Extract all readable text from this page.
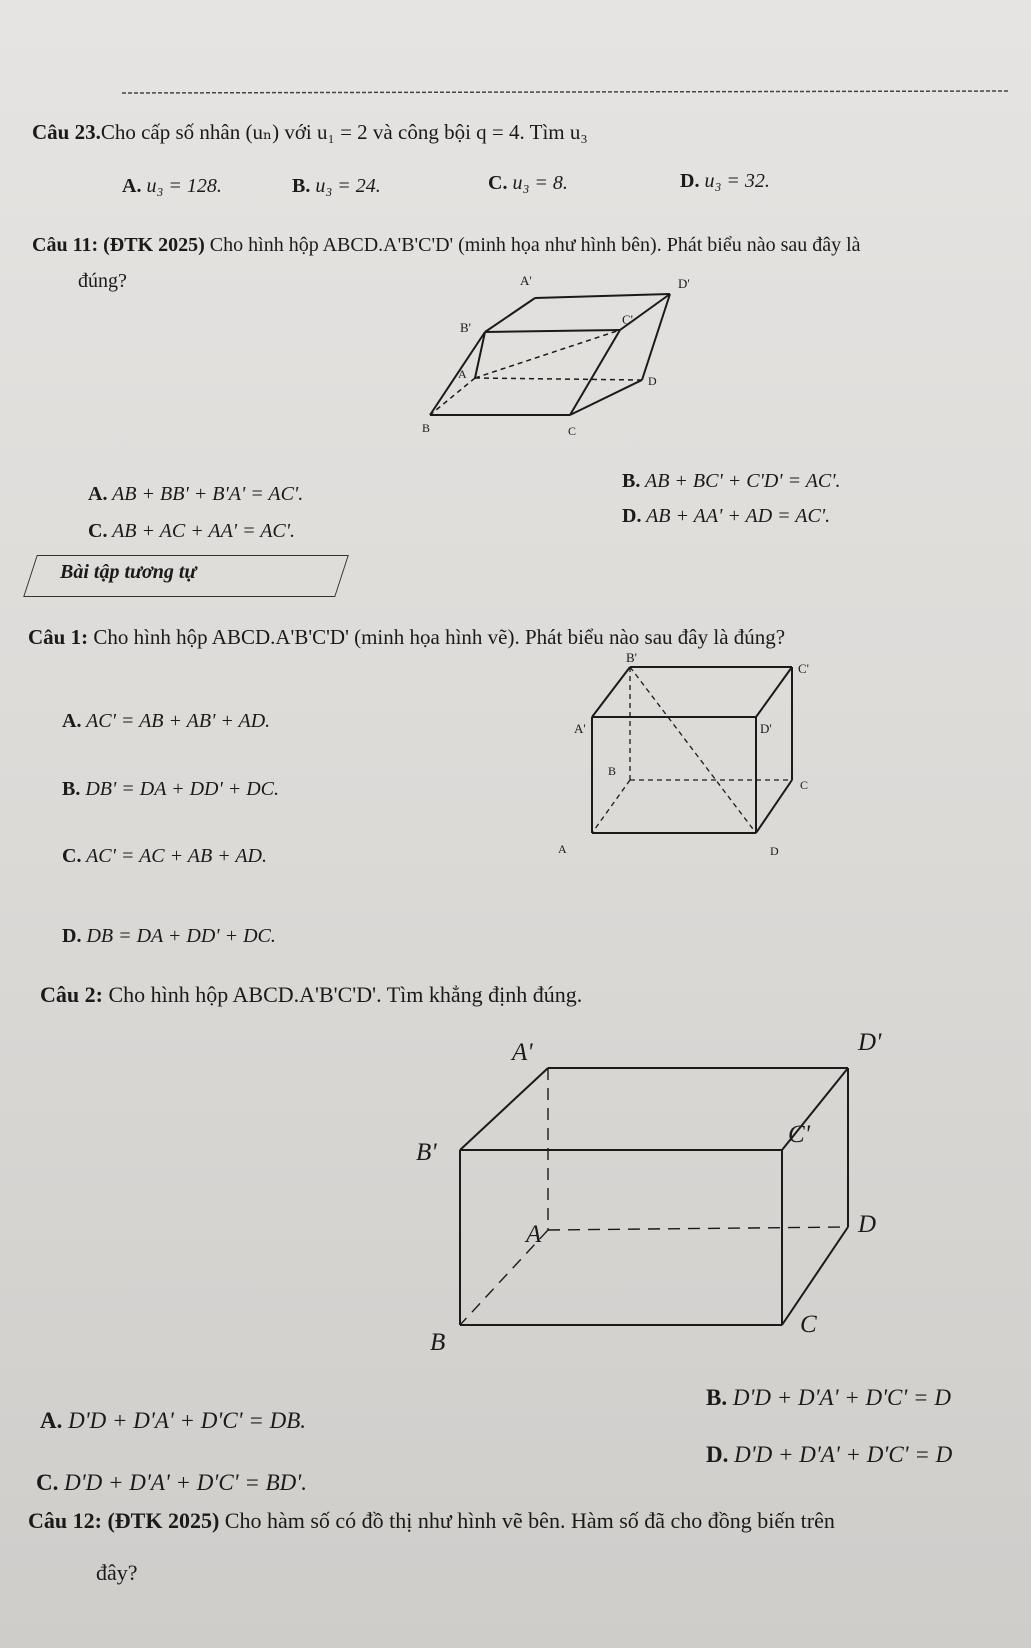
Câu 23.Cho cấp số nhân (uₙ) với u₁ = 2 và công bội q = 4. Tìm u₃
A. u₃ = 128.	B. u₃ = 24.	C. u₃ = 8.	D. u₃ = 32.
Câu 11: (ĐTK 2025) Cho hình hộp ABCD.A'B'C'D' (minh họa như hình bên). Phát biểu nào sau đây là
đúng?	A'	D'
B'
C'
A	D
B	C
A. AB + BB' + B'A' = AC'.
B. AB + BC' + C'D' = AC'.
C. AB + AC + AA' = AC'.
D. AB + AA' + AD = AC'.
Bài tập tương tự
Câu 1: Cho hình hộp ABCD.A'B'C'D' (minh họa hình vẽ). Phát biểu nào sau đây là đúng?
B'
C'
A'	D'
B
C
A	D
A. AC' = AB + AB' + AD.
B. DB' = DA + DD' + DC.
C. AC' = AC + AB + AD.
D. DB = DA + DD' + DC.
Câu 2: Cho hình hộp ABCD.A'B'C'D'. Tìm khẳng định đúng.
A'	D'
B'
C'
A	D
B
C
A. D'D + D'A' + D'C' = DB.
B. D'D + D'A' + D'C' = D
C. D'D + D'A' + D'C' = BD'.
D. D'D + D'A' + D'C' = D
Câu 12: (ĐTK 2025) Cho hàm số có đồ thị như hình vẽ bên. Hàm số đã cho đồng biến trên
đây?
